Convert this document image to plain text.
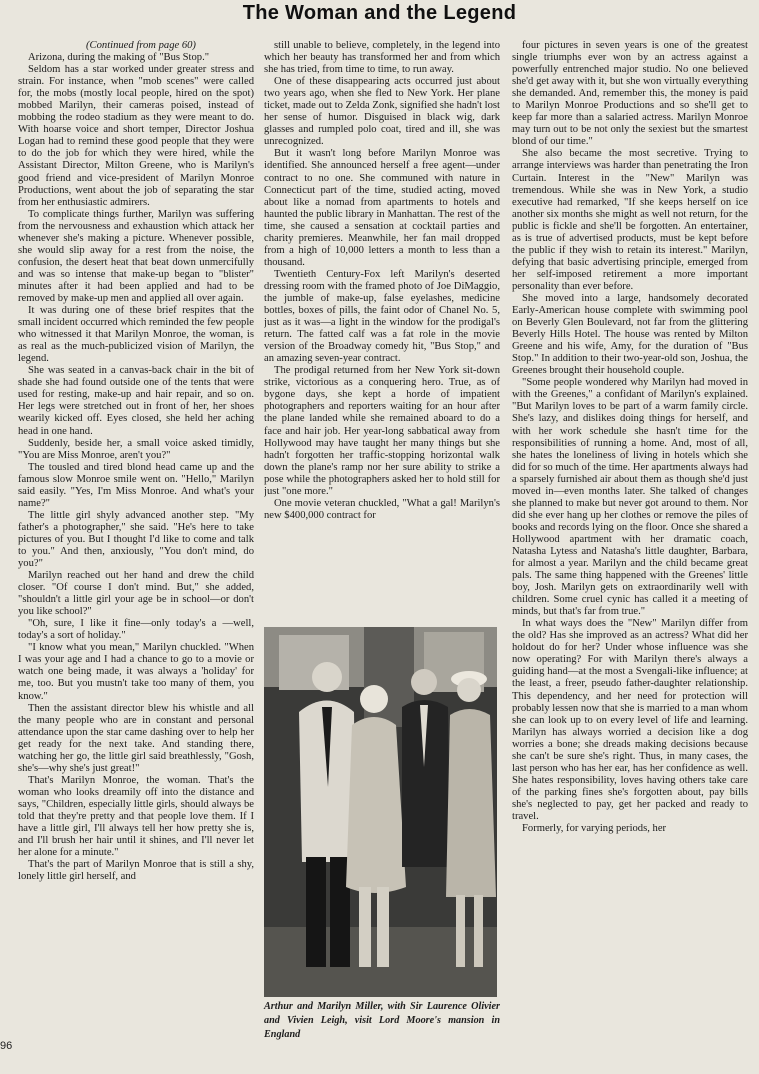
The Woman and the Legend

(Continued from page 60)

Arizona, during the making of "Bus Stop."

Seldom has a star worked under greater stress and strain. For instance, when "mob scenes" were called for, the mobs (mostly local people, hired on the spot) mobbed Marilyn, their cameras poised, instead of mobbing the rodeo stadium as they were meant to do. With hoarse voice and short temper, Director Joshua Logan had to remind these good people that they were to do the job for which they were hired, while the Assistant Director, Milton Greene, who is Marilyn's good friend and vice-president of Marilyn Monroe Productions, went about the job of separating the star from her enthusiastic admirers.

To complicate things further, Marilyn was suffering from the nervousness and exhaustion which attack her whenever she's making a picture. Whenever possible, she would slip away for a rest from the noise, the confusion, the desert heat that beat down unmercifully and was so intense that make-up began to "blister" minutes after it had been applied and had to be removed by make-up men and applied all over again.

It was during one of these brief respites that the small incident occurred which reminded the few people who witnessed it that Marilyn Monroe, the woman, is as real as the much-publicized vision of Marilyn, the legend.

She was seated in a canvas-back chair in the bit of shade she had found outside one of the tents that were used for resting, make-up and hair repair, and so on. Her legs were stretched out in front of her, her shoes wearily kicked off. Eyes closed, she held her aching head in one hand.

Suddenly, beside her, a small voice asked timidly, "You are Miss Monroe, aren't you?"

The tousled and tired blond head came up and the famous slow Monroe smile went on. "Hello," Marilyn said easily. "Yes, I'm Miss Monroe. And what's your name?"

The little girl shyly advanced another step. "My father's a photographer," she said. "He's here to take pictures of you. But I thought I'd like to come and talk to you." And then, anxiously, "You don't mind, do you?"

Marilyn reached out her hand and drew the child closer. "Of course I don't mind. But," she added, "shouldn't a little girl your age be in school—or don't you like school?"

"Oh, sure, I like it fine—only today's a —well, today's a sort of holiday."

"I know what you mean," Marilyn chuckled. "When I was your age and I had a chance to go to a movie or watch one being made, it was always a 'holiday' for me, too. But you mustn't take too many of them, you know."

Then the assistant director blew his whistle and all the many people who are in constant and personal attendance upon the star came dashing over to help her get ready for the next take. And standing there, watching her go, the little girl said breathlessly, "Gosh, she's—why she's just great!"

That's Marilyn Monroe, the woman. That's the woman who looks dreamily off into the distance and says, "Children, especially little girls, should always be told that they're pretty and that people love them. If I have a little girl, I'll always tell her how pretty she is, and I'll brush her hair until it shines, and I'll never let her alone for a minute."

That's the part of Marilyn Monroe that is still a shy, lonely little girl herself, and

still unable to believe, completely, in the legend into which her beauty has transformed her and from which she has tried, from time to time, to run away.

One of these disappearing acts occurred just about two years ago, when she fled to New York. Her plane ticket, made out to Zelda Zonk, signified she hadn't lost her sense of humor. Disguised in black wig, dark glasses and rumpled polo coat, tired and ill, she was unrecognized.

But it wasn't long before Marilyn Monroe was identified. She announced herself a free agent—under contract to no one. She communed with nature in Connecticut part of the time, studied acting, moved about like a nomad from apartments to hotels and haunted the public library in Manhattan. The rest of the time, she caused a sensation at cocktail parties and charity premieres. Meanwhile, her fan mail dropped from a high of 10,000 letters a month to less than a thousand.

Twentieth Century-Fox left Marilyn's deserted dressing room with the framed photo of Joe DiMaggio, the jumble of make-up, false eyelashes, medicine bottles, boxes of pills, the faint odor of Chanel No. 5, just as it was—a light in the window for the prodigal's return. The fatted calf was a fat role in the movie version of the Broadway comedy hit, "Bus Stop," and an amazing seven-year contract.

The prodigal returned from her New York sit-down strike, victorious as a conquering hero. True, as of bygone days, she kept a horde of impatient photographers and reporters waiting for an hour after the plane landed while she remained aboard to do a face and hair job. Her year-long sabbatical away from Hollywood may have taught her many things but she hadn't forgotten her traffic-stopping horizontal walk down the plane's ramp nor her sure ability to strike a pose while the photographers asked her to hold still for just "one more."

One movie veteran chuckled, "What a gal! Marilyn's new $400,000 contract for

Arthur and Marilyn Miller, with Sir Laurence Olivier and Vivien Leigh, visit Lord Moore's mansion in England

four pictures in seven years is one of the greatest single triumphs ever won by an actress against a powerfully entrenched major studio. No one believed she'd get away with it, but she won virtually everything she demanded. And, remember this, the money is paid to Marilyn Monroe Productions and so she'll get to keep far more than a salaried actress. Marilyn Monroe may turn out to be not only the sexiest but the smartest blond of our time."

She also became the most secretive. Trying to arrange interviews was harder than penetrating the Iron Curtain. Interest in the "New" Marilyn was tremendous. While she was in New York, a studio executive had remarked, "If she keeps herself on ice another six months she might as well not return, for the public is fickle and she'll be forgotten. An entertainer, as is true of advertised products, must be kept before the public if they wish to retain its interest." Marilyn, defying that basic advertising principle, emerged from her self-imposed retirement a more important personality than ever before.

She moved into a large, handsomely decorated Early-American house complete with swimming pool on Beverly Glen Boulevard, not far from the glittering Beverly Hills Hotel. The house was rented by Milton Greene and his wife, Amy, for the duration of "Bus Stop." In addition to their two-year-old son, Joshua, the Greenes brought their household couple.

"Some people wondered why Marilyn had moved in with the Greenes," a confidant of Marilyn's explained. "But Marilyn loves to be part of a warm family circle. She's lazy, and dislikes doing things for herself, and with her work schedule she hasn't time for the responsibilities of running a home. And, most of all, she hates the loneliness of living in hotels which she did for so much of the time. Her apartments always had a sparsely furnished air about them as though she'd just moved in—even months later. She talked of changes she planned to make but never got around to them. Nor did she ever hang up her clothes or remove the piles of books and records lying on the floor. Once she shared a Hollywood apartment with her dramatic coach, Natasha Lytess and Natasha's little daughter, Barbara, for almost a year. Marilyn and the child became great pals. The same thing happened with the Greenes' little boy, Josh. Marilyn gets on extraordinarily well with children. Some cruel cynic has called it a meeting of minds, but that's far from true."

In what ways does the "New" Marilyn differ from the old? Has she improved as an actress? What did her holdout do for her? Under whose influence was she now operating? For with Marilyn there's always a guiding hand—at the most a Svengali-like influence; at the least, a freer, pseudo father-daughter relationship. This dependency, and her need for protection will probably lessen now that she is married to a man whom she can look up to on every level of life and learning. Marilyn has always worried a decision like a dog worries a bone; she dreads making decisions because she can't be sure she's right. Thus, in many cases, the last person who has her ear, has her confidence as well. She hates responsibility, loves having others take care of the parking fines she's forgotten about, pay bills she's neglected to pay, get her packed and ready to travel.

Formerly, for varying periods, her

96
